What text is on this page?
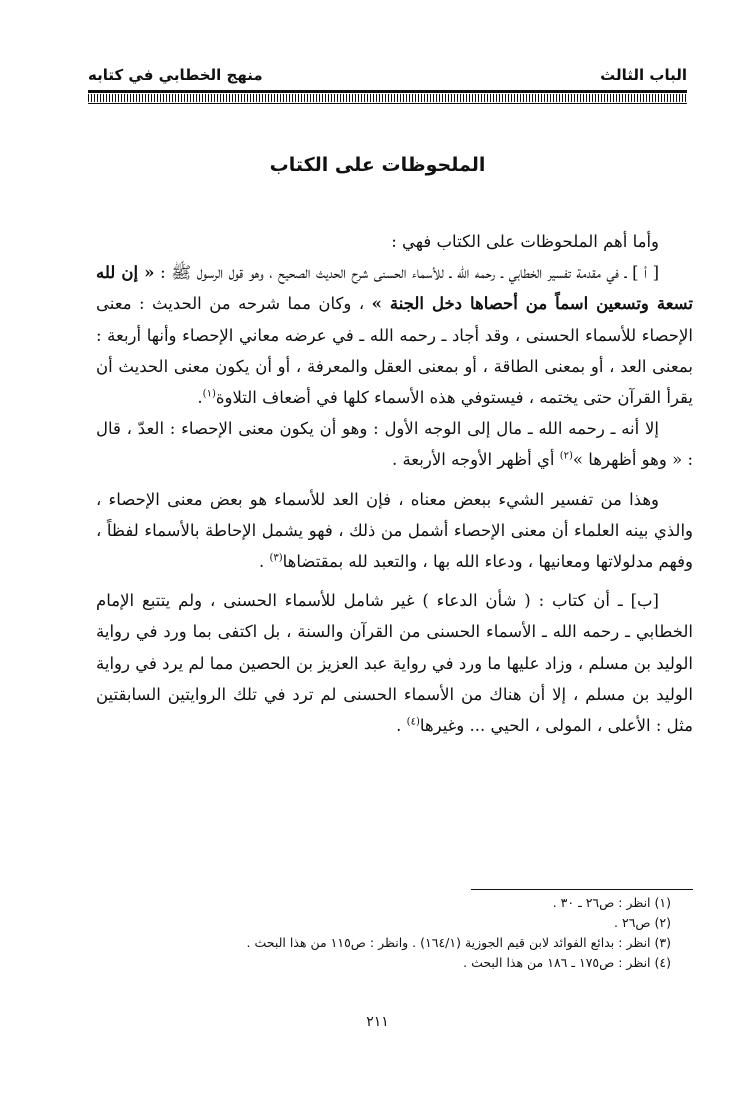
الباب الثالث
منهج الخطابي في كتابه
الملحوظات على الكتاب

وأما أهم الملحوظات على الكتاب فهي :

[ أ ] ـ في مقدمة تفسير الخطابي ـ رحمه الله ـ للأسماء الحسنى شرح الحديث الصحيح ، وهو قول الرسول ﷺ : « إن لله تسعة وتسعين اسماً من أحصاها دخل الجنة » ، وكان مما شرحه من الحديث : معنى الإحصاء للأسماء الحسنى ، وقد أجاد ـ رحمه الله ـ في عرضه معاني الإحصاء وأنها أربعة : بمعنى العد ، أو بمعنى الطاقة ، أو بمعنى العقل والمعرفة ، أو أن يكون معنى الحديث أن يقرأ القرآن حتى يختمه ، فيستوفي هذه الأسماء كلها في أضعاف التلاوة$^{(١)}$.

إلا أنه ـ رحمه الله ـ مال إلى الوجه الأول : وهو أن يكون معنى الإحصاء : العدّ ، قال : « وهو أظهرها »$^{(٢)}$ أي أظهر الأوجه الأربعة .

وهذا من تفسير الشيء ببعض معناه ، فإن العد للأسماء هو بعض معنى الإحصاء ، والذي بينه العلماء أن معنى الإحصاء أشمل من ذلك ، فهو يشمل الإحاطة بالأسماء لفظاً ، وفهم مدلولاتها ومعانيها ، ودعاء الله بها ، والتعبد لله بمقتضاها$^{(٣)}$ .

[ب] ـ أن كتاب : ( شأن الدعاء ) غير شامل للأسماء الحسنى ، ولم يتتبع الإمام الخطابي ـ رحمه الله ـ الأسماء الحسنى من القرآن والسنة ، بل اكتفى بما ورد في رواية الوليد بن مسلم ، وزاد عليها ما ورد في رواية عبد العزيز بن الحصين مما لم يرد في رواية الوليد بن مسلم ، إلا أن هناك من الأسماء الحسنى لم ترد في تلك الروايتين السابقتين مثل : الأعلى ، المولى ، الحيي ... وغيرها$^{(٤)}$ .

(١) انظر : ص٢٦ ـ ٣٠ .
(٢) ص٢٦ .
(٣) انظر : بدائع الفوائد لابن قيم الجوزية (١٦٤/١) . وانظر : ص١١٥ من هذا البحث .
(٤) انظر : ص١٧٥ ـ ١٨٦ من هذا البحث .
٢١١
